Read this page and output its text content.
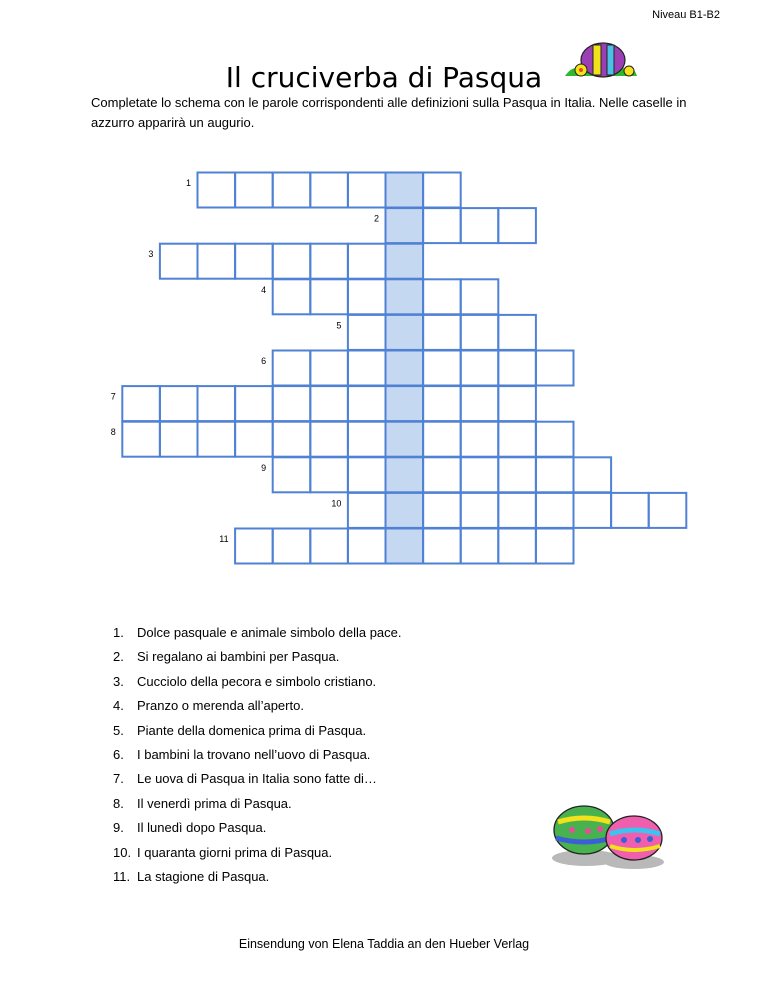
Niveau B1-B2
Il cruciverba di Pasqua
Completate lo schema con le parole corrispondenti alle definizioni sulla Pasqua in Italia. Nelle caselle in azzurro apparirà un augurio.
1
2
3
4
5
6
7
8
9
10
11
1. Dolce pasquale e animale simbolo della pace.
2. Si regalano ai bambini per Pasqua.
3. Cucciolo della pecora e simbolo cristiano.
4. Pranzo o merenda all’aperto.
5. Piante della domenica prima di Pasqua.
6. I bambini la trovano nell’uovo di Pasqua.
7. Le uova di Pasqua in Italia sono fatte di…
8. Il venerdì prima di Pasqua.
9. Il lunedì dopo Pasqua.
10. I quaranta giorni prima di Pasqua.
11. La stagione di Pasqua.
Einsendung von Elena Taddia an den Hueber Verlag
